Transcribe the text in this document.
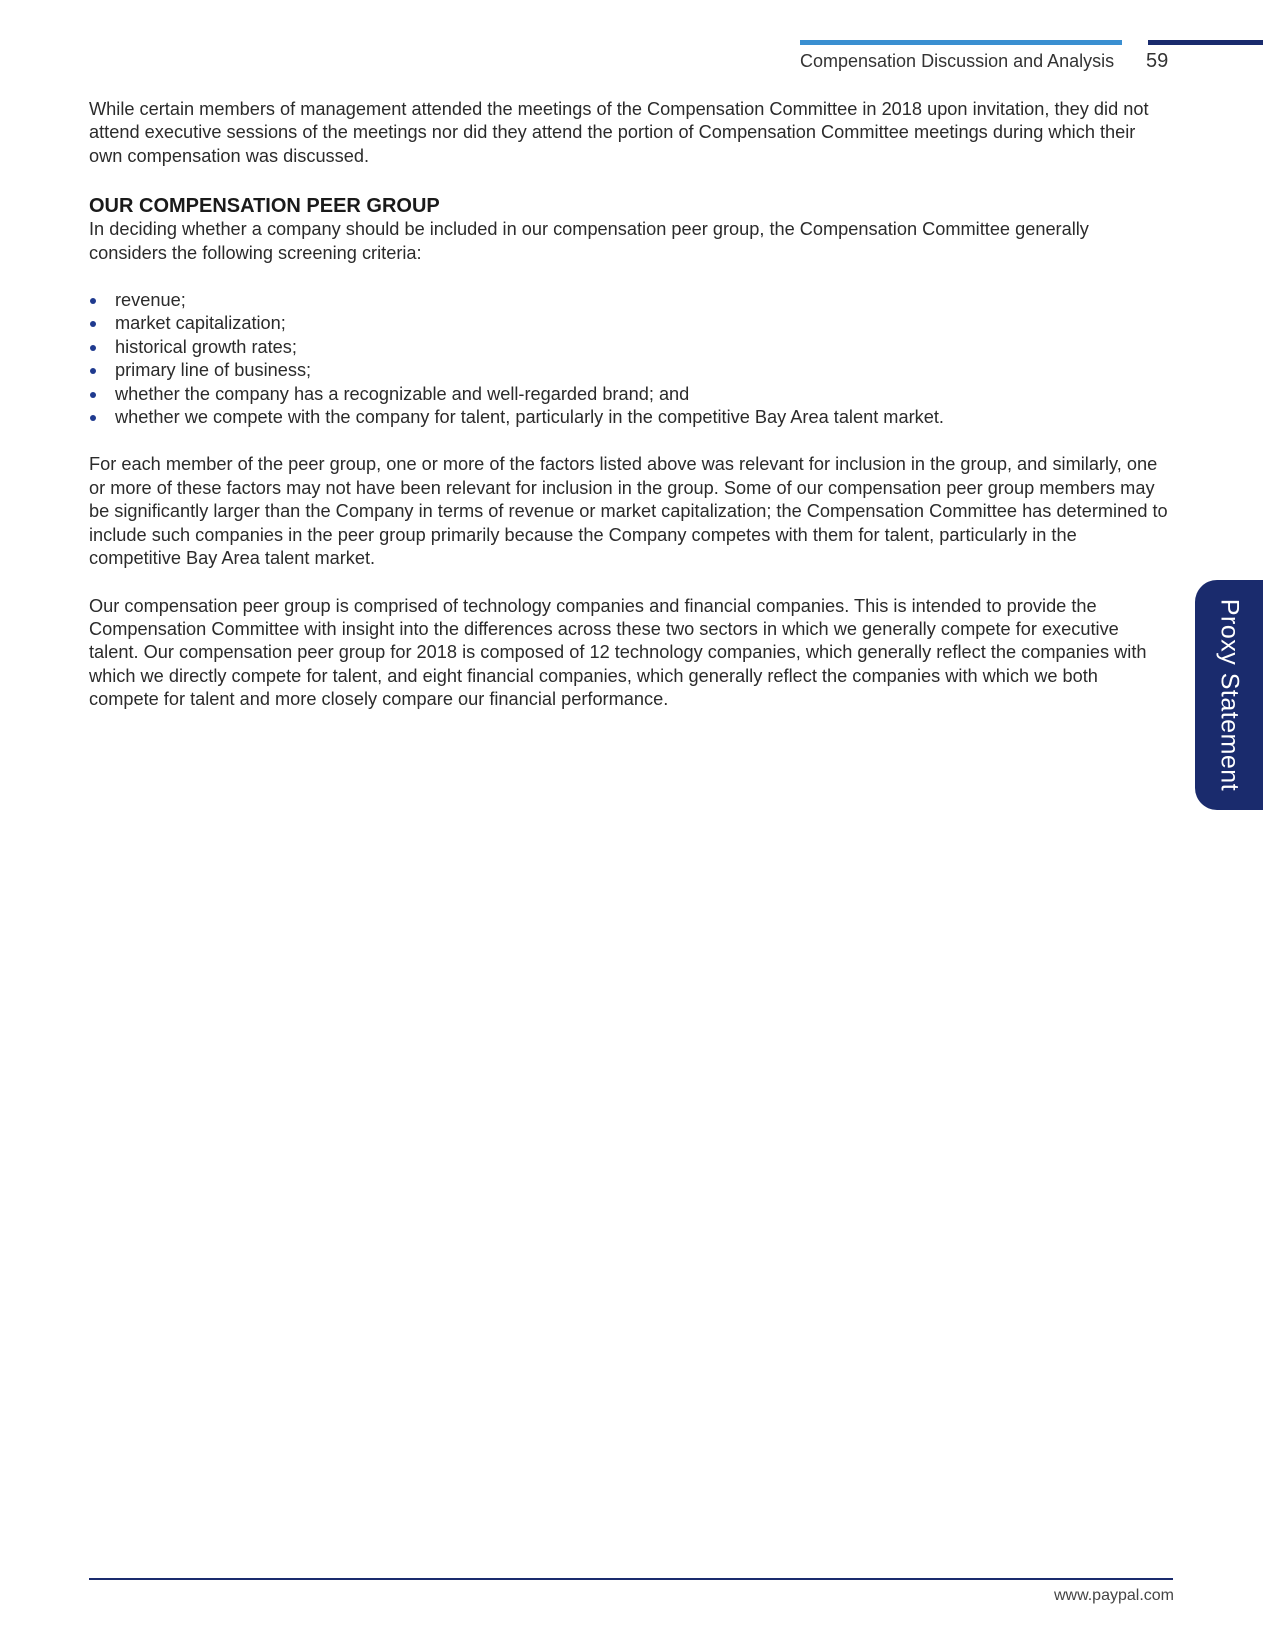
Compensation Discussion and Analysis 59

While certain members of management attended the meetings of the Compensation Committee in 2018 upon invitation, they did not attend executive sessions of the meetings nor did they attend the portion of Compensation Committee meetings during which their own compensation was discussed.

OUR COMPENSATION PEER GROUP

In deciding whether a company should be included in our compensation peer group, the Compensation Committee generally considers the following screening criteria:

revenue;
market capitalization;
historical growth rates;
primary line of business;
whether the company has a recognizable and well-regarded brand; and
whether we compete with the company for talent, particularly in the competitive Bay Area talent market.

For each member of the peer group, one or more of the factors listed above was relevant for inclusion in the group, and similarly, one or more of these factors may not have been relevant for inclusion in the group. Some of our compensation peer group members may be significantly larger than the Company in terms of revenue or market capitalization; the Compensation Committee has determined to include such companies in the peer group primarily because the Company competes with them for talent, particularly in the competitive Bay Area talent market.

Our compensation peer group is comprised of technology companies and financial companies. This is intended to provide the Compensation Committee with insight into the differences across these two sectors in which we generally compete for executive talent. Our compensation peer group for 2018 is composed of 12 technology companies, which generally reflect the companies with which we directly compete for talent, and eight financial companies, which generally reflect the companies with which we both compete for talent and more closely compare our financial performance.	Proxy Statement
www.paypal.com
